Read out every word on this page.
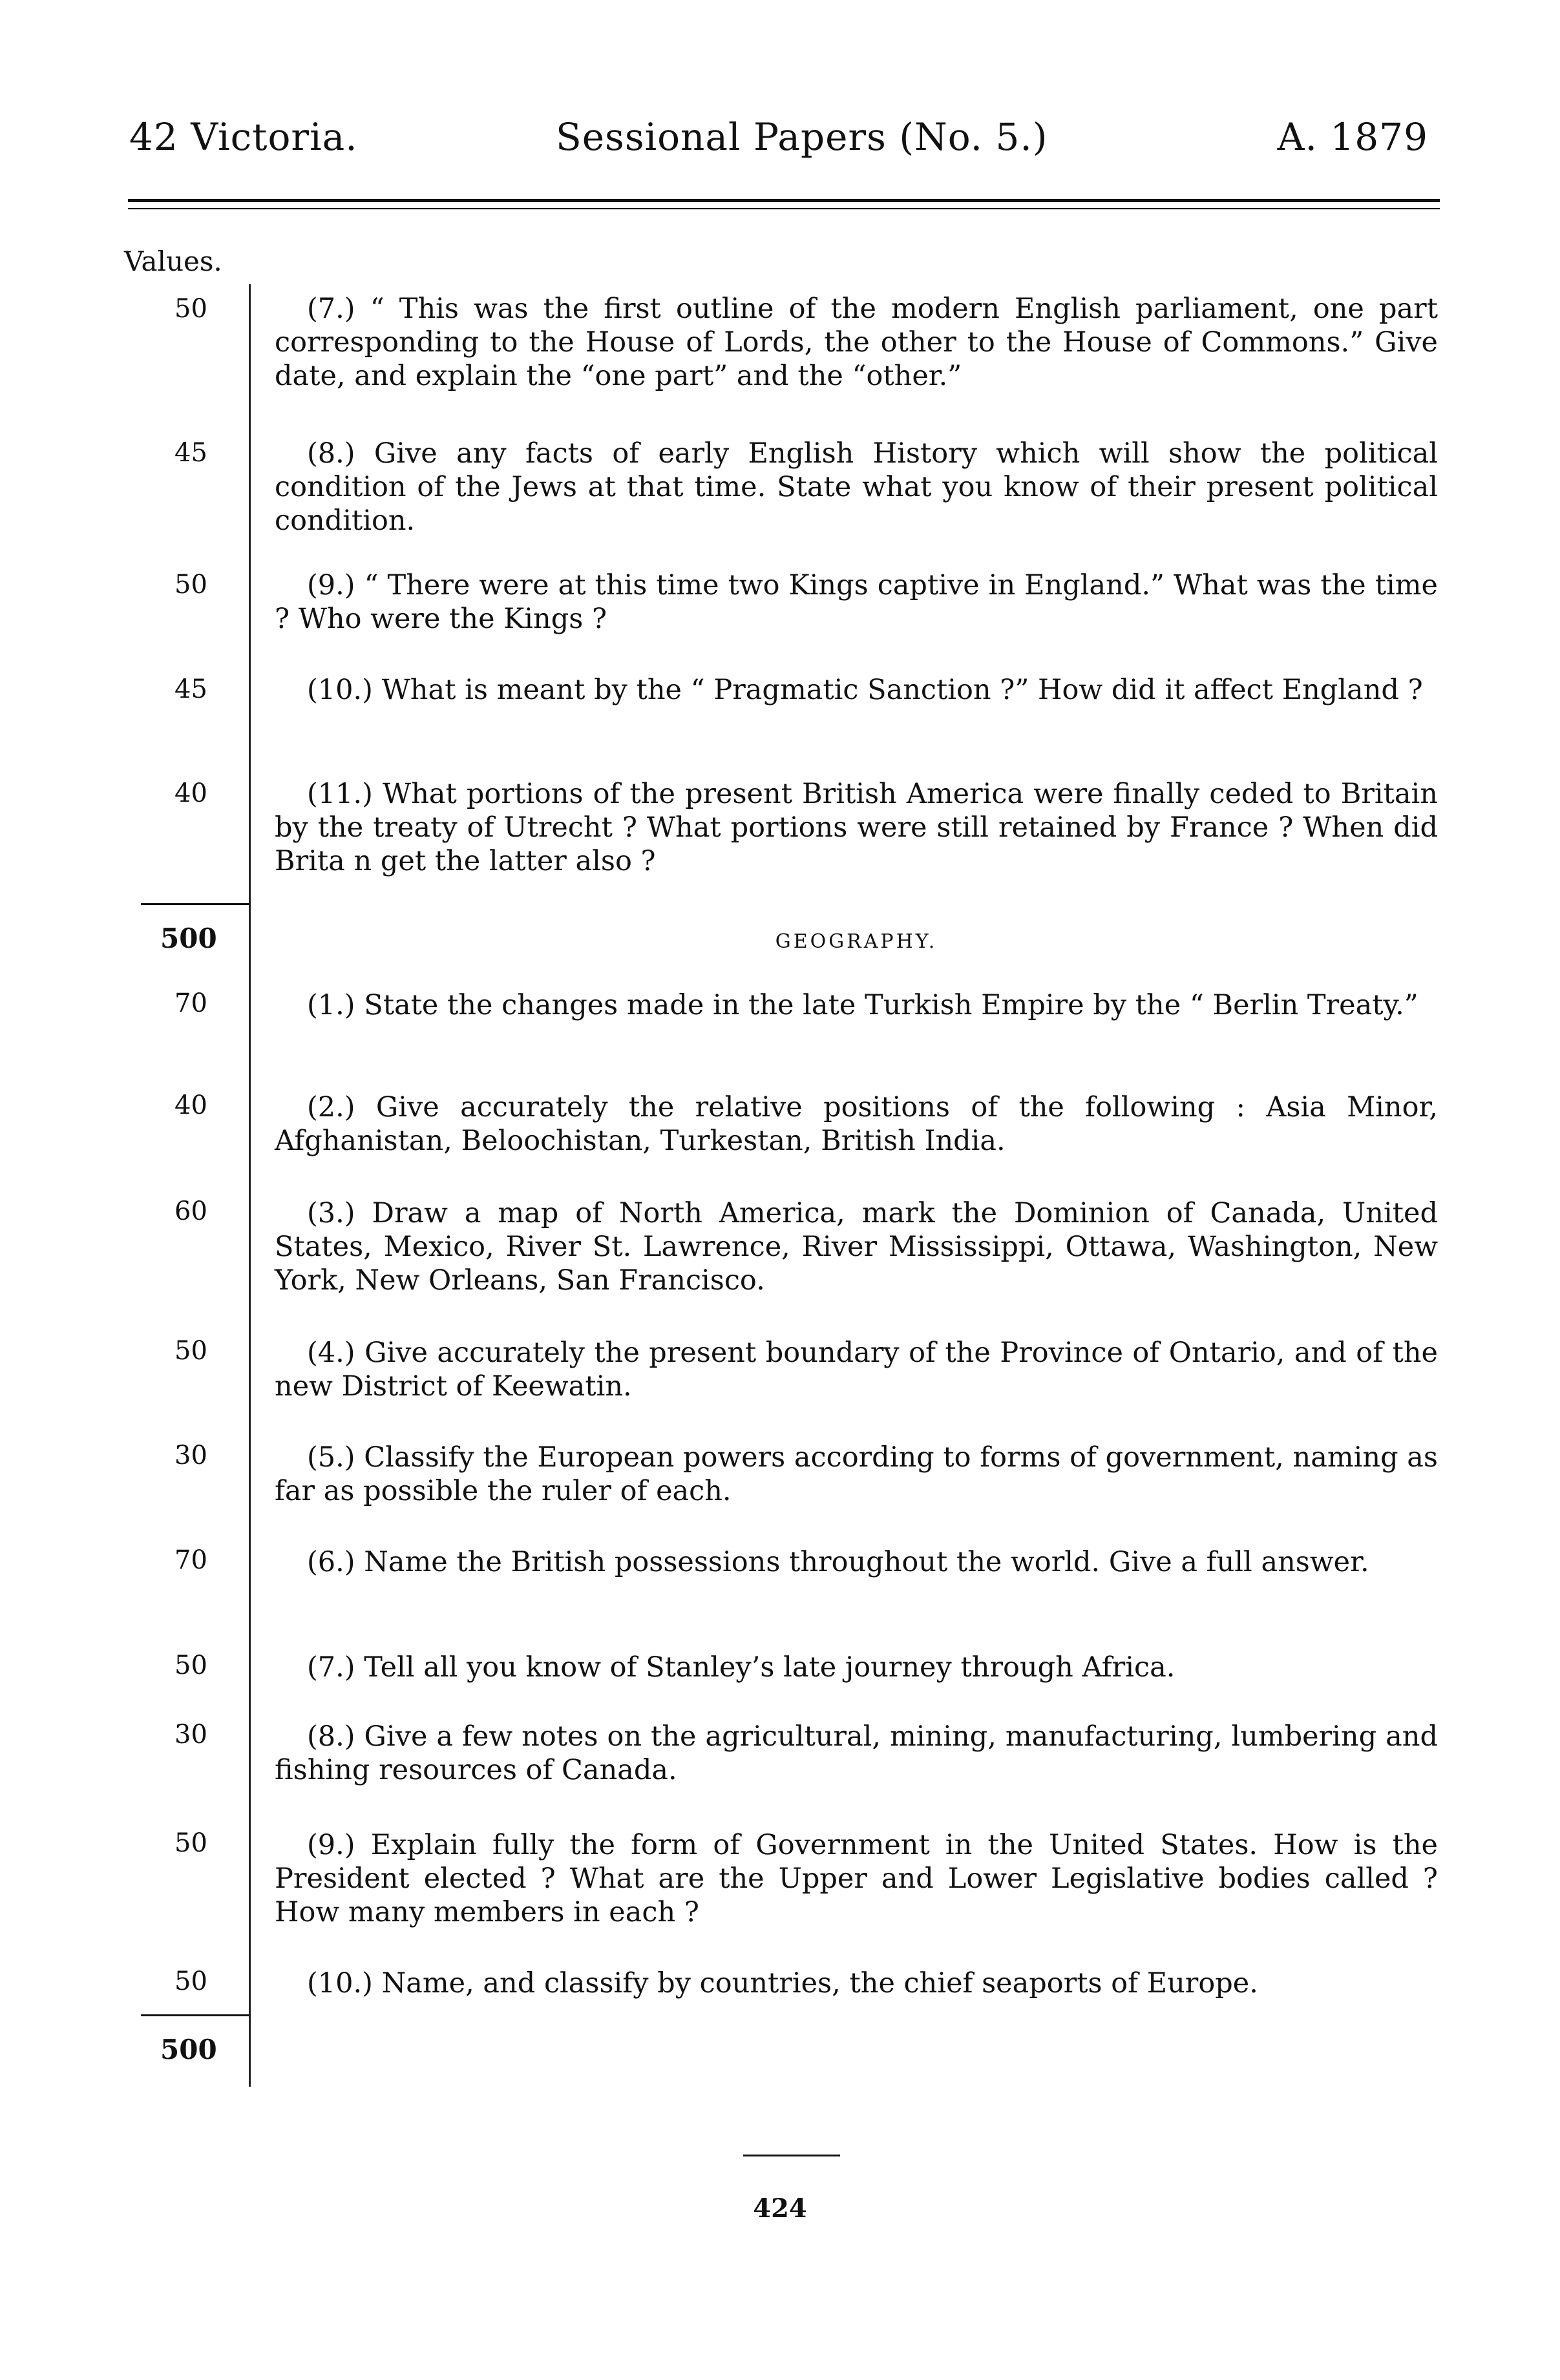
42 Victoria.	Sessional Papers (No. 5.)	A. 1879
Values.
50	(7.) “ This was the first outline of the modern English parliament, one part corresponding to the House of Lords, the other to the House of Commons.” Give date, and explain the “one part” and the “other.”

45	(8.) Give any facts of early English History which will show the political condition of the Jews at that time. State what you know of their present political condition.

50	(9.) “ There were at this time two Kings captive in England.” What was the time ? Who were the Kings ?

45	(10.) What is meant by the “ Pragmatic Sanction ?” How did it affect England ?

40	(11.) What portions of the present British America were finally ceded to Britain by the treaty of Utrecht ? What portions were still retained by France ? When did Brita n get the latter also ?

500	GEOGRAPHY.
70	(1.) State the changes made in the late Turkish Empire by the “ Berlin Treaty.”

40	(2.) Give accurately the relative positions of the following : Asia Minor, Afghanistan, Beloochistan, Turkestan, British India.

60	(3.) Draw a map of North America, mark the Dominion of Canada, United States, Mexico, River St. Lawrence, River Mississippi, Ottawa, Washington, New York, New Orleans, San Francisco.

50	(4.) Give accurately the present boundary of the Province of Ontario, and of the new District of Keewatin.

30	(5.) Classify the European powers according to forms of government, naming as far as possible the ruler of each.

70	(6.) Name the British possessions throughout the world. Give a full answer.

50	(7.) Tell all you know of Stanley’s late journey through Africa.

30	(8.) Give a few notes on the agricultural, mining, manufacturing, lumbering and fishing resources of Canada.

50	(9.) Explain fully the form of Government in the United States. How is the President elected ? What are the Upper and Lower Legislative bodies called ? How many members in each ?

50	(10.) Name, and classify by countries, the chief seaports of Europe.

500
424
